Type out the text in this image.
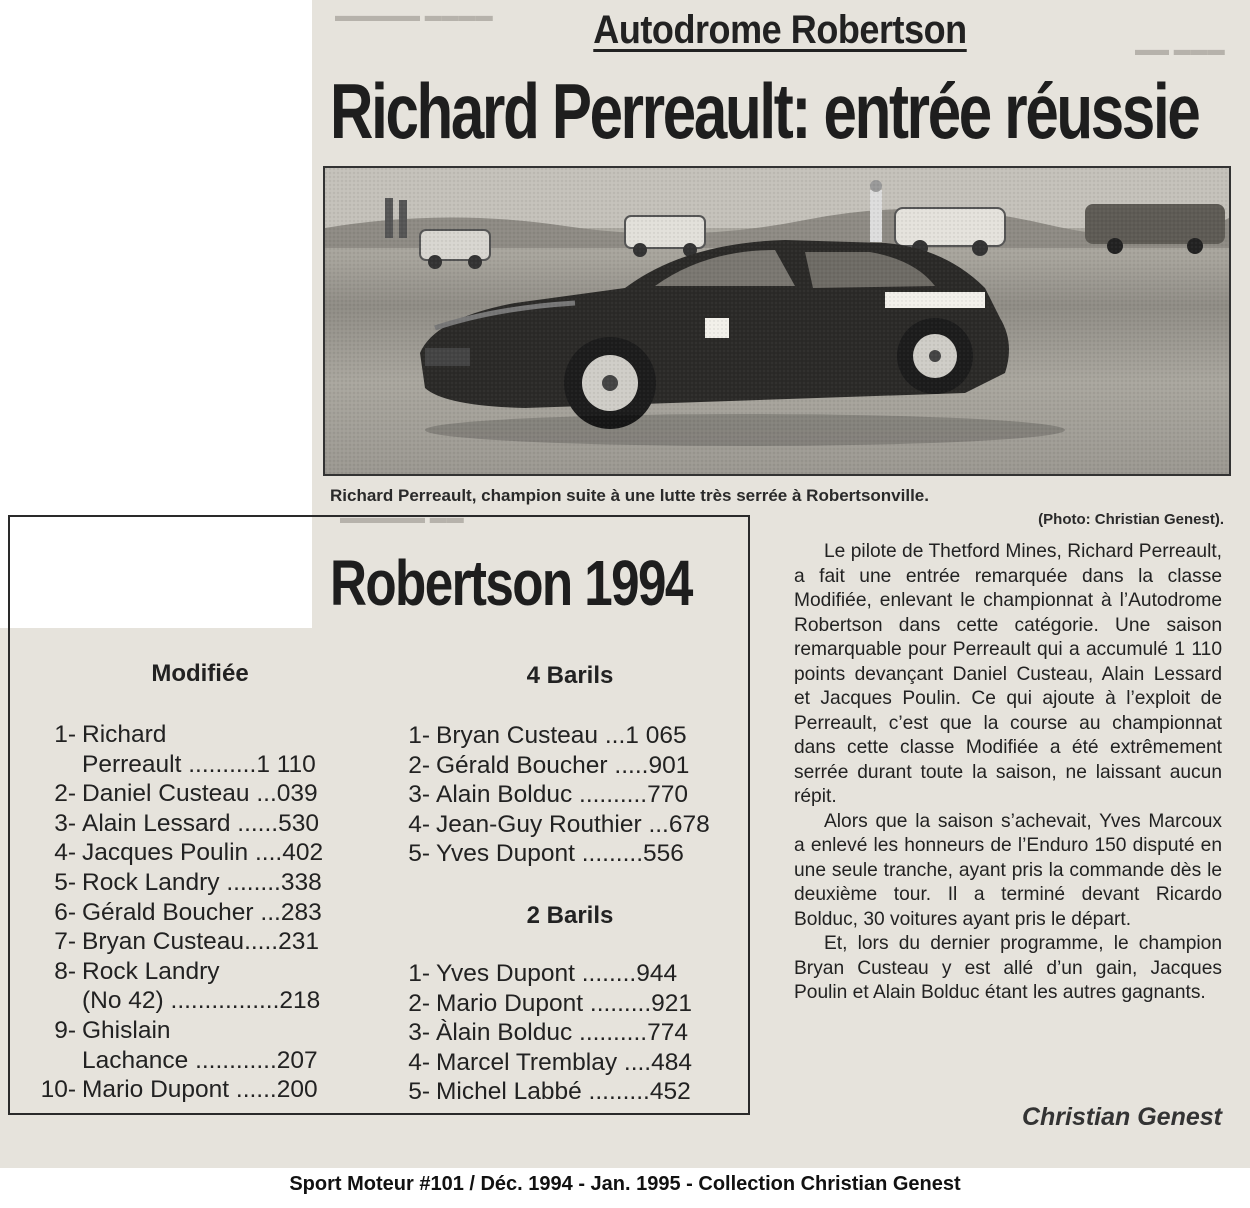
▬▬▬▬▬ ▬▬▬▬
▬▬ ▬▬▬
▬▬▬▬▬ ▬▬
Autodrome Robertson
Richard Perreault: entrée réussie
Richard Perreault, champion suite à une lutte très serrée à Robertsonville.
(Photo: Christian Genest).
Robertson 1994
Modifiée	4 Barils
2 Barils
1- Richard
Perreault ..........1 110
2- Daniel Custeau ...039
3- Alain Lessard ......530
4- Jacques Poulin ....402
5- Rock Landry ........338
6- Gérald Boucher ...283
7- Bryan Custeau.....231
8- Rock Landry
(No 42) ................218
9- Ghislain
Lachance ............207
10- Mario Dupont ......200
1- Bryan Custeau ...1 065
2- Gérald Boucher .....901
3- Alain Bolduc ..........770
4- Jean-Guy Routhier ...678
5- Yves Dupont .........556
1- Yves Dupont ........944
2- Mario Dupont .........921
3- Àlain Bolduc ..........774
4- Marcel Tremblay ....484
5- Michel Labbé .........452

Le pilote de Thetford Mines, Richard Perreault, a fait une entrée remarquée dans la classe Modifiée, enlevant le championnat à l’Autodrome Robertson dans cette catégorie. Une saison remarquable pour Perreault qui a accumulé 1 110 points devançant Daniel Custeau, Alain Lessard et Jacques Poulin. Ce qui ajoute à l’exploit de Perreault, c’est que la course au championnat dans cette classe Modifiée a été extrêmement serrée durant toute la saison, ne laissant aucun répit.

Alors que la saison s’achevait, Yves Marcoux a enlevé les honneurs de l’Enduro 150 disputé en une seule tranche, ayant pris la commande dès le deuxième tour. Il a terminé devant Ricardo Bolduc, 30 voitures ayant pris le départ.

Et, lors du dernier programme, le champion Bryan Custeau y est allé d’un gain, Jacques Poulin et Alain Bolduc étant les autres gagnants.

Christian Genest
Sport Moteur #101 / Déc. 1994 - Jan. 1995 - Collection Christian Genest
